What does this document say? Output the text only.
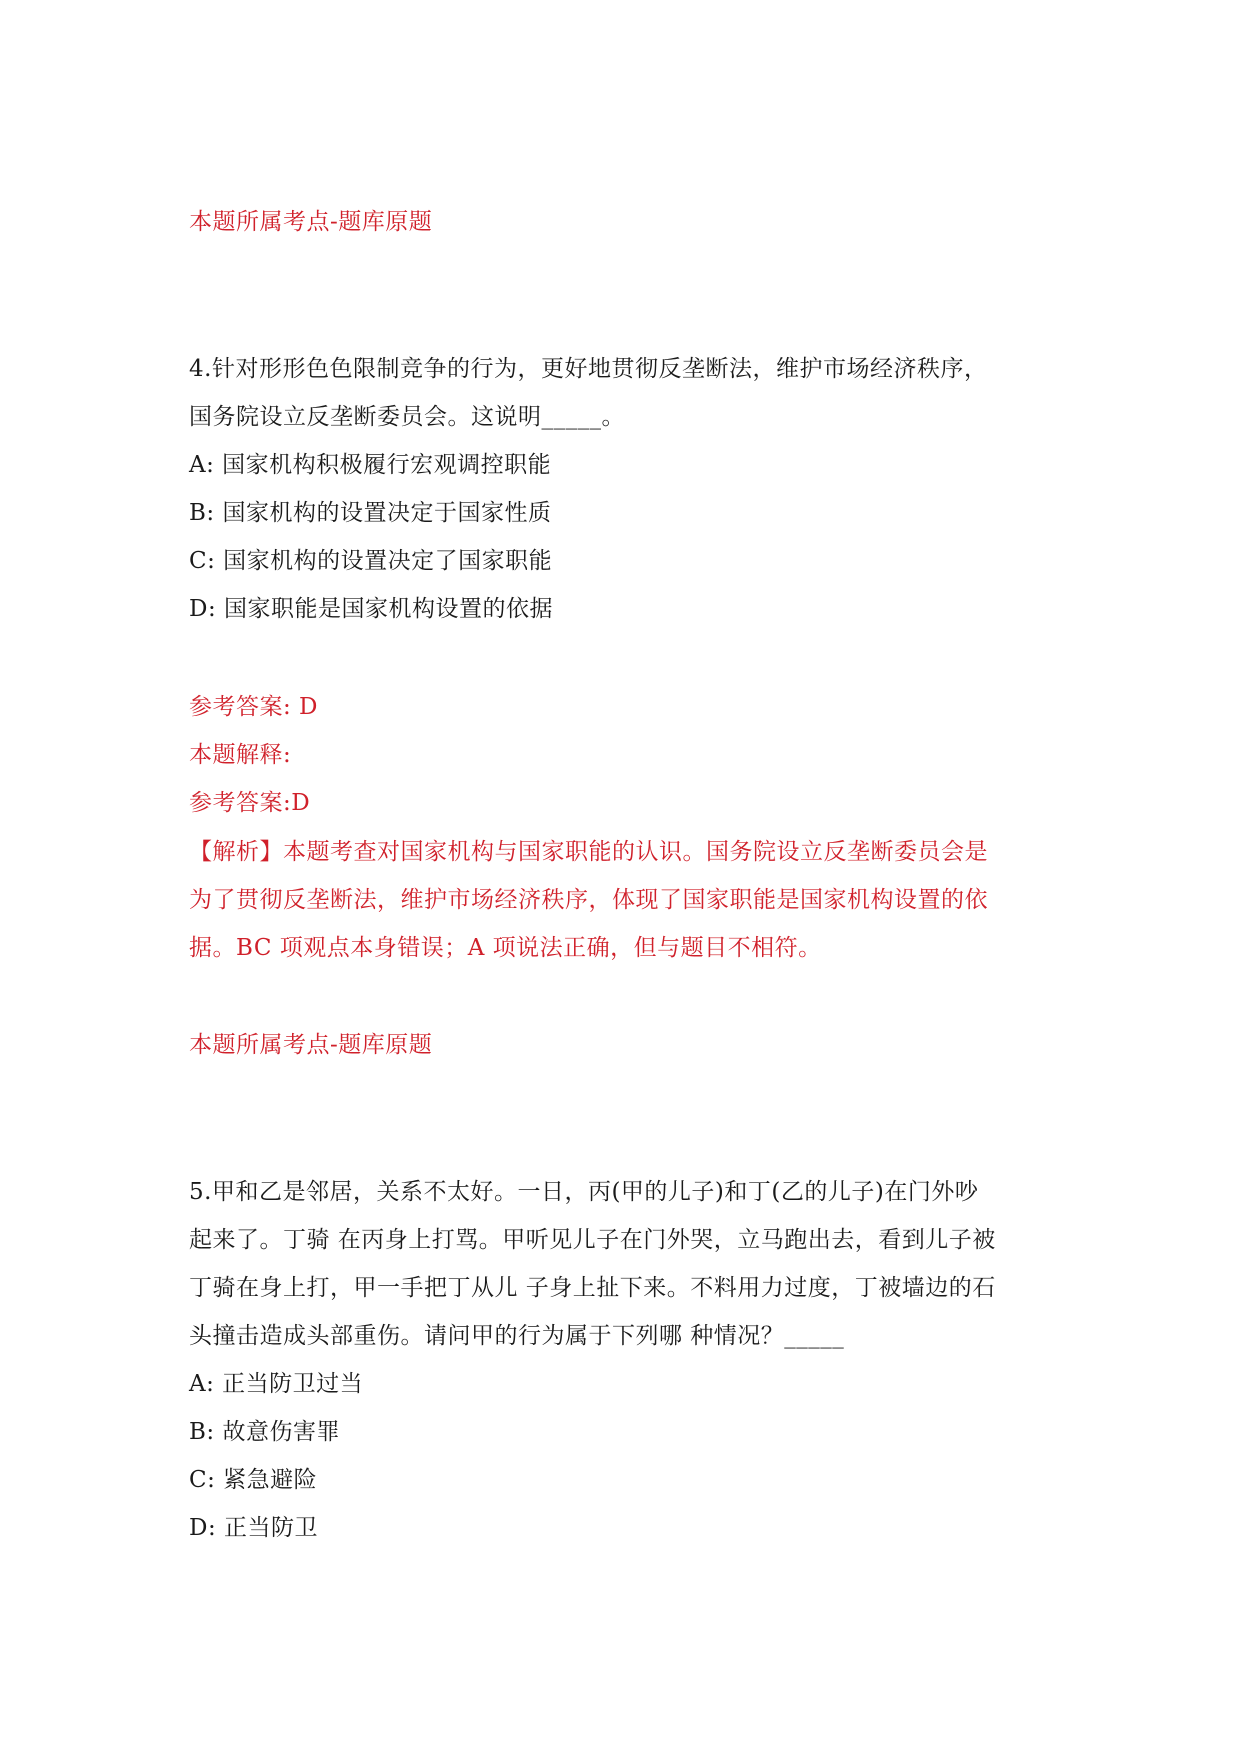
本题所属考点-题库原题
4.针对形形色色限制竞争的行为，更好地贯彻反垄断法，维护市场经济秩序，
国务院设立反垄断委员会。这说明_____。
A: 国家机构积极履行宏观调控职能
B: 国家机构的设置决定于国家性质
C: 国家机构的设置决定了国家职能
D: 国家职能是国家机构设置的依据
参考答案: D
本题解释:
参考答案:D
【解析】本题考查对国家机构与国家职能的认识。国务院设立反垄断委员会是
为了贯彻反垄断法，维护市场经济秩序，体现了国家职能是国家机构设置的依
据。BC 项观点本身错误；A 项说法正确，但与题目不相符。
本题所属考点-题库原题
5.甲和乙是邻居，关系不太好。一日，丙(甲的儿子)和丁(乙的儿子)在门外吵
起来了。丁骑 在丙身上打骂。甲听见儿子在门外哭，立马跑出去，看到儿子被
丁骑在身上打，甲一手把丁从儿 子身上扯下来。不料用力过度，丁被墙边的石
头撞击造成头部重伤。请问甲的行为属于下列哪 种情况？_____
A: 正当防卫过当
B: 故意伤害罪
C: 紧急避险
D: 正当防卫
